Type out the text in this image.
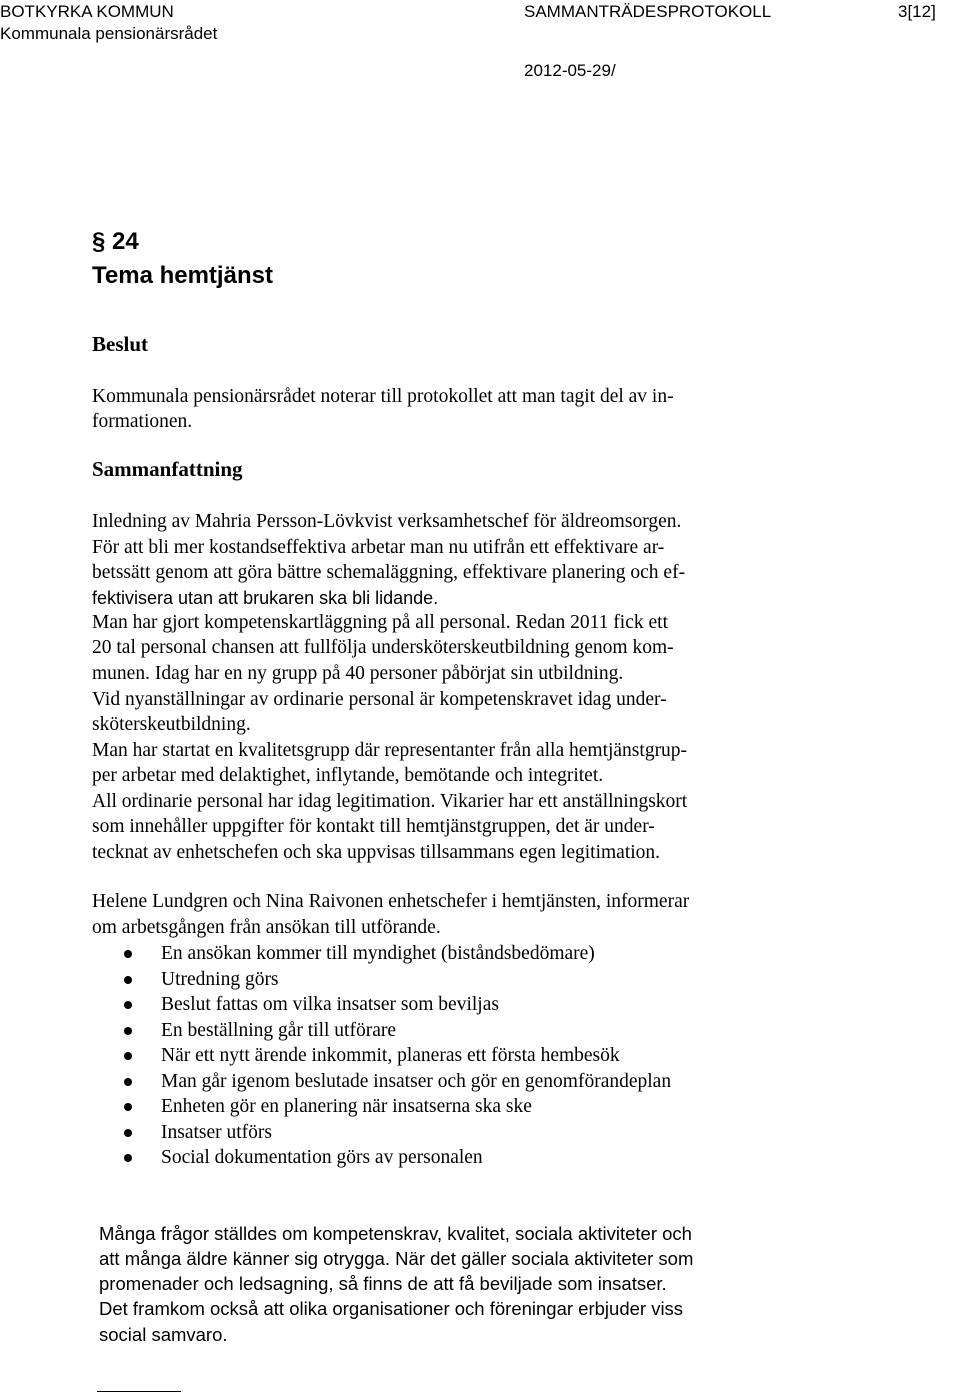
BOTKYRKA KOMMUN	SAMMANTRÄDESPROTOKOLL	3[12]
Kommunala pensionärsrådet
2012-05-29/
§ 24
Tema hemtjänst
Beslut
Kommunala pensionärsrådet noterar till protokollet att man tagit del av in-
formationen.
Sammanfattning
Inledning av Mahria Persson-Lövkvist verksamhetschef för äldreomsorgen.
För att bli mer kostandseffektiva arbetar man nu utifrån ett effektivare ar-
betssätt genom att göra bättre schemaläggning, effektivare planering och ef-
fektivisera utan att brukaren ska bli lidande.
Man har gjort kompetenskartläggning på all personal. Redan 2011 fick ett
20 tal personal chansen att fullfölja undersköterskeutbildning genom kom-
munen. Idag har en ny grupp på 40 personer påbörjat sin utbildning.
Vid nyanställningar av ordinarie personal är kompetenskravet idag under-
sköterskeutbildning.
Man har startat en kvalitetsgrupp där representanter från alla hemtjänstgrup-
per arbetar med delaktighet, inflytande, bemötande och integritet.
All ordinarie personal har idag legitimation. Vikarier har ett anställningskort
som innehåller uppgifter för kontakt till hemtjänstgruppen, det är under-
tecknat av enhetschefen och ska uppvisas tillsammans egen legitimation.
Helene Lundgren och Nina Raivonen enhetschefer i hemtjänsten, informerar
om arbetsgången från ansökan till utförande.
En ansökan kommer till myndighet (biståndsbedömare)
Utredning görs
Beslut fattas om vilka insatser som beviljas
En beställning går till utförare
När ett nytt ärende inkommit, planeras ett första hembesök
Man går igenom beslutade insatser och gör en genomförandeplan
Enheten gör en planering när insatserna ska ske
Insatser utförs
Social dokumentation görs av personalen
Många frågor ställdes om kompetenskrav, kvalitet, sociala aktiviteter och
att många äldre känner sig otrygga. När det gäller sociala aktiviteter som
promenader och ledsagning, så finns de att få beviljade som insatser.
Det framkom också att olika organisationer och föreningar erbjuder viss
social samvaro.
